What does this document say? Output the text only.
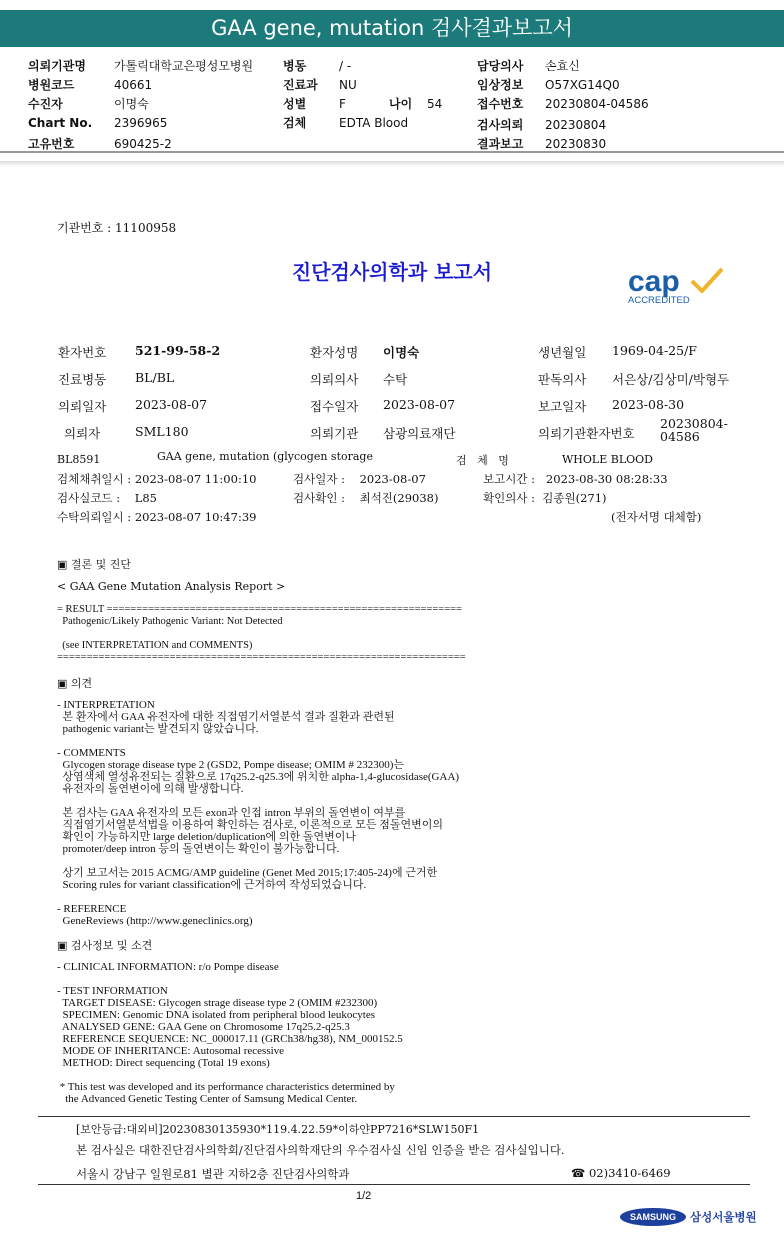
GAA gene, mutation 검사결과보고서
의뢰기관명 가톨릭대학교은평성모병원
병원코드	40661
수진자	이명숙
Chart No. 2396965
고유번호	690425-2
병동	/ -
진료과 NU
성별	F	나이 54
검체	EDTA Blood
담당의사 손효신
임상정보 O57XG14Q0
접수번호 20230804-04586
검사의뢰 20230804
결과보고 20230830
기관번호 : 11100958
진단검사의학과 보고서	cap
ACCREDITED
환자번호 521-99-58-2	환자성명 이명숙	생년월일 1969-04-25/F
진료병동 BL/BL	의뢰의사 수탁	판독의사 서은상/김상미/박형두
의뢰일자 2023-08-07	접수일자 2023-08-07	보고일자 2023-08-30
의뢰자	SML180	의뢰기관 삼광의료재단	의뢰기관환자번호
20230804-
04586
BL8591	GAA gene, mutation (glycogen storage	검   체   명	WHOLE BLOOD
검체채취일시 : 2023-08-07 11:00:10	검사일자 :    2023-08-07	보고시간 :   2023-08-30 08:28:33
검사실코드 :    L85	검사확인 :    최석진(29038)	확인의사 :  김종원(271)
수탁의뢰일시 : 2023-08-07 10:47:39	(전자서명 대체함)
▣ 결론 및 진단
< GAA Gene Mutation Analysis Report >
= RESULT ============================================================
Pathogenic/Likely Pathogenic Variant: Not Detected

(see INTERPRETATION and COMMENTS)
=====================================================================
▣ 의견
- INTERPRETATION
본 환자에서 GAA 유전자에 대한 직접염기서열분석 결과 질환과 관련된
pathogenic variant는 발견되지 않았습니다.

- COMMENTS
Glycogen storage disease type 2 (GSD2, Pompe disease; OMIM # 232300)는
상염색체 열성유전되는 질환으로 17q25.2-q25.3에 위치한 alpha-1,4-glucosidase(GAA)
유전자의 돌연변이에 의해 발생합니다.

본 검사는 GAA 유전자의 모든 exon과 인접 intron 부위의 돌연변이 여부를
직접염기서열분석법을 이용하여 확인하는 검사로, 이론적으로 모든 점돌연변이의
확인이 가능하지만 large deletion/duplication에 의한 돌연변이나
promoter/deep intron 등의 돌연변이는 확인이 불가능합니다.

상기 보고서는 2015 ACMG/AMP guideline (Genet Med 2015;17:405-24)에 근거한
Scoring rules for variant classification에 근거하여 작성되었습니다.

- REFERENCE
GeneReviews (http://www.geneclinics.org)
▣ 검사정보 및 소견
- CLINICAL INFORMATION: r/o Pompe disease

- TEST INFORMATION
TARGET DISEASE: Glycogen strage disease type 2 (OMIM #232300)
SPECIMEN: Genomic DNA isolated from peripheral blood leukocytes
ANALYSED GENE: GAA Gene on Chromosome 17q25.2-q25.3
REFERENCE SEQUENCE: NC_000017.11 (GRCh38/hg38), NM_000152.5
MODE OF INHERITANCE: Autosomal recessive
METHOD: Direct sequencing (Total 19 exons)

* This test was developed and its performance characteristics determined by
the Advanced Genetic Testing Center of Samsung Medical Center.
[보안등급:대외비]20230830135930*119.4.22.59*이하얀PP7216*SLW150F1
본 검사실은 대한진단검사의학회/진단검사의학재단의 우수검사실 신임 인증을 받은 검사실입니다.
서울시 강남구 일원로81 별관 지하2층 진단검사의학과	☎ 02)3410-6469
1/2
SAMSUNG	삼성서울병원
